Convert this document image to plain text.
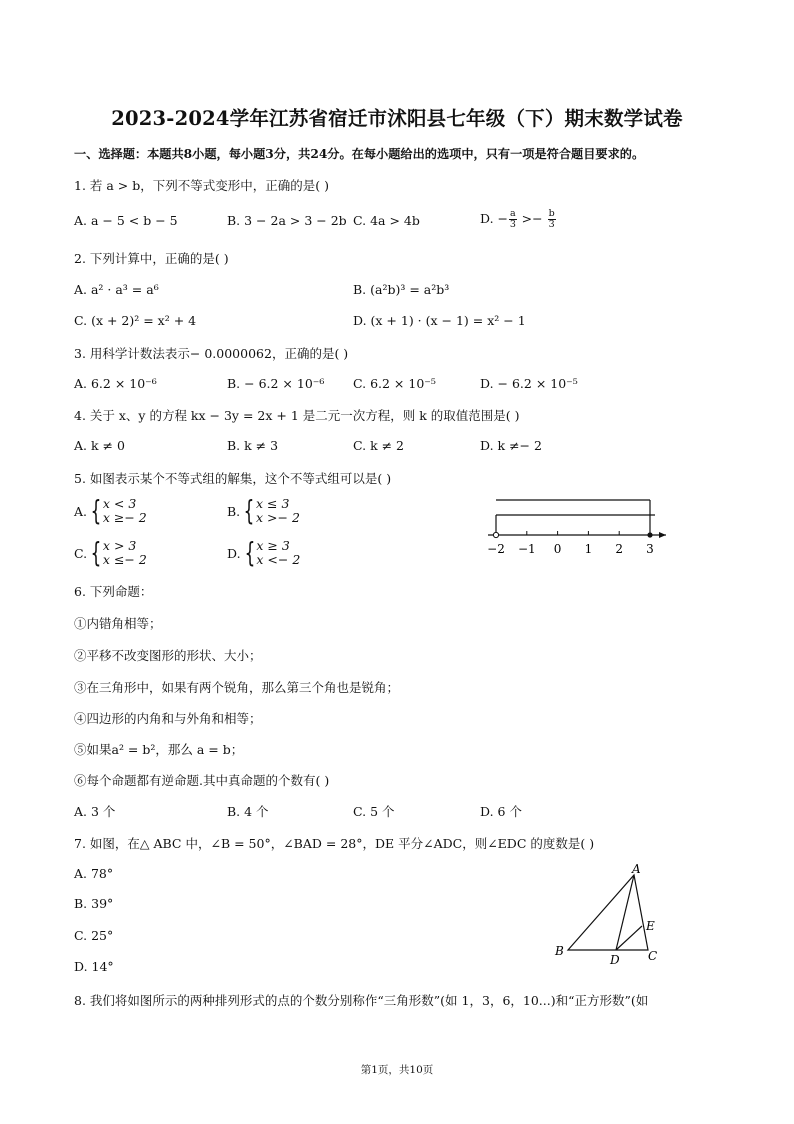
2023-2024学年江苏省宿迁市沭阳县七年级（下）期末数学试卷
一、选择题：本题共8小题，每小题3分，共24分。在每小题给出的选项中，只有一项是符合题目要求的。
1. 若 a > b，下列不等式变形中，正确的是( )
A. a − 5 < b − 5	B. 3 − 2a > 3 − 2b C. 4a > 4b	D. − $\frac{a}{3} >- \frac{b}{3}$
2. 下列计算中，正确的是( )
A. a² · a³ = a⁶	B. (a²b)³ = a²b³
C. (x + 2)² = x² + 4	D. (x + 1) · (x − 1) = x² − 1
3. 用科学计数法表示− 0.0000062，正确的是( )
A. 6.2 × 10⁻⁶	B. − 6.2 × 10⁻⁶ C. 6.2 × 10⁻⁵	D. − 6.2 × 10⁻⁵
4. 关于 x、y 的方程 kx − 3y = 2x + 1 是二元一次方程，则 k 的取值范围是( )
A. k ≠ 0	B. k ≠ 3	C. k ≠ 2	D. k ≠− 2
5. 如图表示某个不等式组的解集，这个不等式组可以是( )
A. { x < 3
x ≥− 2	B. { x ≤ 3
x >− 2
C. { x > 3
x ≤− 2	D. { x ≥ 3
x <− 2
−2 −1 0 1 2 3
6. 下列命题：
①内错角相等；
②平移不改变图形的形状、大小；
③在三角形中，如果有两个锐角，那么第三个角也是锐角；
④四边形的内角和与外角和相等；
⑤如果a² = b²，那么 a = b；
⑥每个命题都有逆命题.其中真命题的个数有( )
A. 3 个	B. 4 个	C. 5 个	D. 6 个
7. 如图，在△ ABC 中，∠B = 50°，∠BAD = 28°，DE 平分∠ADC，则∠EDC 的度数是( )
A. 78°
B. 39°
C. 25°
D. 14°
A
B	C
D
E
8. 我们将如图所示的两种排列形式的点的个数分别称作“三角形数”(如 1，3，6，10...)和“正方形数”(如
第1页，共10页
